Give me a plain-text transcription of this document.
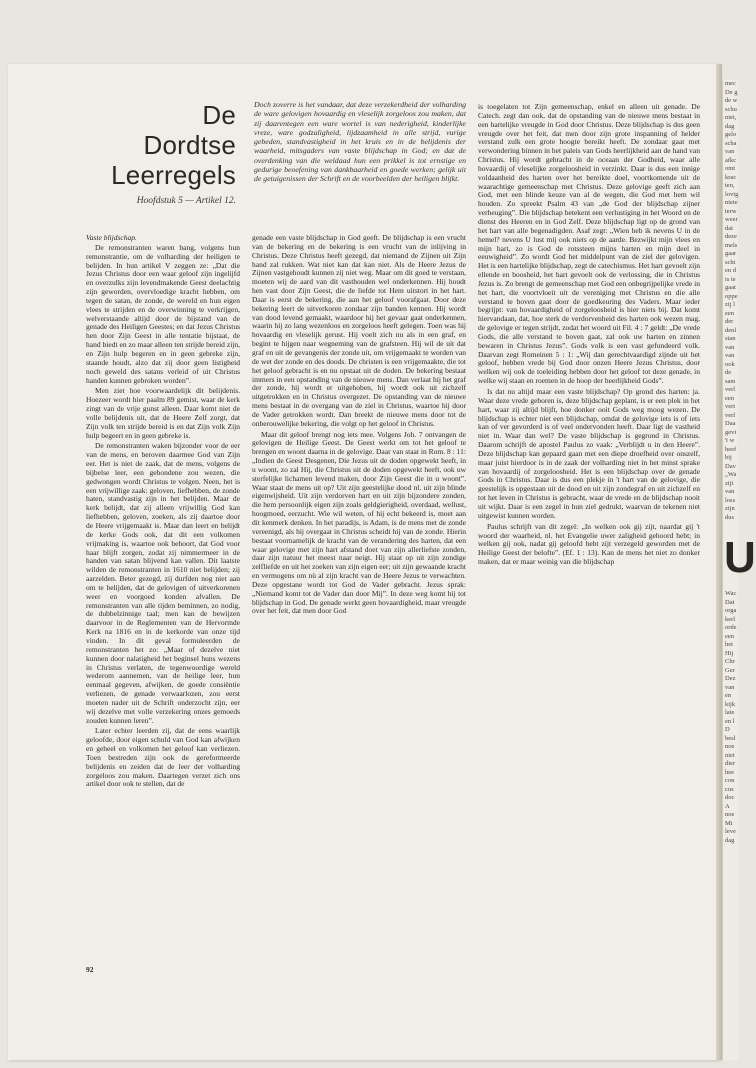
mec
De g
de w
schu
niet,
dag
gelo
scha
van
afkc
omt
krac
ten,
lovig
niete
terw
weer
dat
deze
mels
gaar
schi
en d
is te
gaat
oppe
zij l
een
der
denl
stan
van
van
ook
de
sam
verl
een
vert
verl
Daa
gevi
't w
heef
bij
Dav
„Wa
zijt
van
loss
zijn
dus
U
Wac
Dat
orga
kerl
orde
een
het
Hij
Chr
Ger
Dez
van
en
kijk
late
en l
D
besl
noe
niet
dier
hee
con
cus
doc
A
noe
Mi
leve
dag
De
Dordtse
Leerregels
Hoofdstuk 5 — Artikel 12.
Doch zoverre is het vandaar, dat deze verzekerdheid der volharding de ware gelovigen hovaardig en vleselijk zorgeloos zou maken, dat zij daarentegen een ware wortel is van nederigheid, kinderlijke vreze, ware godzaligheid, lijdzaamheid in alle strijd, vurige gebeden, standvastigheid in het kruis en in de belijdenis der waarheid, mitsgaders van vaste blijdschap in God; en dat de overdenking van die weldaad hun een prikkel is tot ernstige en gedurige beoefening van dankbaarheid en goede werken; gelijk uit de getuigenissen der Schrift en de voorbeelden der heiligen blijkt.

Vaste blijdschap.

De remonstranten waren bang, volgens hun remonstrantie, om de volharding der heiligen te belijden. In hun artikel V zeggen ze: „Dat die Jezus Christus door een waar geloof zijn ingelijfd en overzulks zijn levendmakende Geest deelachtig zijn geworden, overvloedige kracht hebben, om tegen de satan, de zonde, de wereld en hun eigen vlees te strijden en de overwinning te verkrijgen, welverstaande altijd door de bijstand van de genade des Heiligen Geestes; en dat Jezus Christus hen door Zijn Geest in alle tentatie bijstaat, de hand biedt en zo maar alleen ten strijde bereid zijn, en Zijn hulp begeren en in geen gebreke zijn, staande houdt, alzo dat zij door geen listigheid noch geweld des satans verleid of uit Christus handen kunnen gebroken worden”.

Men ziet hoe voorwaardelijk dit belijdenis. Hoezeer wordt hier paalm 89 gemist, waar de kerk zingt van de vrije gunst alleen. Daar komt niet de volle belijdenis uit, dat de Heere Zelf zorgt, dat Zijn volk ten strijde bereid is en dat Zijn volk Zijn hulp begeert en in geen gebreke is.

De remonstranten waken bijzonder voor de eer van de mens, en beroven daarmee God van Zijn eer. Het is niet de zaak, dat de mens, volgens de bijbelse leer, een gebondene zou wezen, die gedwongen wordt Christus te volgen. Neen, het is een vrijwillige zaak: geloven, liefhebben, de zonde haten, standvastig zijn in het belijden. Maar de kerk belijdt, dat zij alleen vrijwillig God kan liefhebben, geloven, zoeken, als zij daartoe door de Heere vrijgemaakt is. Maar dan leert en belijdt de kerke Gods ook, dat dit een volkomen vrijmaking is, waartoe ook behoort, dat God voor haar blijft zorgen, zodat zij nimmermeer in de handen van satan blijvend kan vallen. Dit laatste wilden de remonstranten in 1610 niet belijden; zij aarzelden. Beter gezegd, zij durfden nog niet aan om te belijden, dat de gelovigen of uitverkorenen weer en voorgoed konden afvallen. De remonstranten van alle tijden beminnen, zo nodig, de dubbelzinnige taal; men kan de bewijzen daarvoor in de Reglementen van de Hervormde Kerk na 1816 en in de kerkorde van onze tijd vinden. In dit geval formuleerden de remonstranten het zo: „Maar of dezelve niet kunnen door nalatigheid het beginsel huns wezens in Christus verlaten, de tegenwoordige wereld wederom aannemen, van de heilige leer, hun eenmaal gegeven, afwijken, de goede consiëntie verliezen, de genade verwaarlozen, zou eerst moeten nader uit de Schrift onderzocht zijn, eer wij dezelve met volle verzekering onzes gemoeds zouden kunnen leren”.

Later echter leerden zij, dat de eens waarlijk geloofde, door eigen schuld van God kan afwijken en geheel en volkomen het geloof kan verliezen. Toen bestreden zijn ook de gereformeerde belijdenis en zeiden dat de leer der volharding zorgeloos zou maken. Daartegen verzet zich ons artikel door ook te stellen, dat de

genade een vaste blijdschap in God geeft. De blijdschap is een vrucht van de bekering en de bekering is een vrucht van de inlijving in Christus. Deze Christus heeft gezegd, dat niemand de Zijnen uit Zijn hand zal rukken. Wat niet kan dat kan niet. Als de Heere Jezus de Zijnen vastgehoudt kunnen zij niet weg. Maar om dit goed te verstaan, moeten wij de aard van dit vasthouden wel onderkennen. Hij houdt hen vast door Zijn Geest, die de liefde tot Hem uitstort in het hart. Daar is eerst de bekering, die aan het geloof voorafgaat. Door deze bekering leert de uitverkoren zondaar zijn banden kennen. Hij wordt van dood levend gemaakt, waardoor hij het gevaar gaat onderkennen, waarin hij zo lang wezenloos en zorgeloos heeft gelegen. Toen was hij hovaardig en vleselijk gerust. Hij voelt zich nu als in een graf, en begint te hijgen naar wegneming van de grafsteen. Hij wil de uit dat graf en uit de gevangenis der zonde uit, om vrijgemaakt te worden van de wet der zonde en des doods. De christen is een vrijgemaakte, die tot het geloof gebracht is en nu opstaat uit de doden. De bekering bestaat immers in een opstanding van de nieuwe mens. Dan verlaat hij het graf der zonde, hij wordt er uitgehoben, hij wordt ook uit zichzelf uitgetrokken en in Christus overgezet. De opstanding van de nieuwe mens bestaat in de overgang van de ziel in Christus, waartoe hij door de Vader getrokken wordt. Dan breekt de nieuwe mens door tot de onberouwelijke bekering, die volgt op het geloof in Christus.

Maar dit geloof brengt nog iets mee. Volgens Joh. 7 ontvangen de gelovigen de Heilige Geest. De Geest werkt om tot het geloof te brengen en woont daarna in de gelovige. Daar van staat in Rom. 8 : 11: „Indien de Geest Desgenen, Die Jezus uit de doden opgewekt heeft, in u woont, zo zal Hij, die Christus uit de doden opgewekt heeft, ook uw sterfelijke lichamen levend maken, door Zijn Geest die in u woont”. Waar staat de mens uit op? Uit zijn geestelijke dood nl. uit zijn blinde eigenwijsheid. Uit zijn verdorven hart en uit zijn bijzondere zonden, die hem persoonlijk eigen zijn zoals geldgierigheid, overdaad, wellust, hoogmoed, eerzucht. Wie wil weten, of hij echt bekeerd is, moet aan dit kenmerk denken. In het paradijs, is Adam, is de mens met de zonde vereenigd, als hij overgaat in Christus scheidt hij van de zonde. Hierin bestaat voornamelijk de kracht van de verandering des harten, dat een waar gelovige met zijn hart afstand doet van zijn allerliefste zonden, daar zijn natuur het meest naar neigt. Hij staat op uit zijn zondige zelfliefde en uit het zoeken van zijn eigen eer; uit zijn gewaande kracht en vermogens om nù al zijn kracht van de Heere Jezus te verwachten. Deze opgestane wordt tot God de Vader gebracht. Jezus sprak: „Niemand komt tot de Vader dan door Mij”. In deze weg komt hij tot blijdschap in God. De genade werkt geen hovaardigheid, maar vreugde over het feit, dat men door God

is toegelaten tot Zijn gemeenschap, enkel en alleen uit genade. De Catech. zegt dan ook, dat de opstanding van de nieuwe mens bestaat in een hartelijke vreugde in God door Christus. Deze blijdschap is dus geen vreugde over het feit, dat men door zijn grote inspanning of helder verstand zulk een grote hoogte bereikt heeft. De zondaar gaat met verwondering binnen in het paleis van Gods heerlijkheid aan de hand van Christus. Hij wordt gebracht in de oceaan der Godheid, waar alle hovaardij of vleselijke zorgeloosheid in verzinkt. Daar is dus een innige voldaanheid des harten over het bereikte doel, voortkomende uit de waarachtige gemeenschap met Christus. Deze gelovige geeft zich aan God, met een blinde keuze van al de wegen, die God met hem wil houden. Zo spreekt Psalm 43 van „de God der blijdschap zijner verheuging”. Die blijdschap betekent een verlustiging in het Woord en de dienst des Heeren en in God Zelf. Deze blijdschap ligt op de grond van het hart van alle begenadigden. Asaf zegt: „Wien heb ik nevens U in de hemel? nevens U lust mij ook niets op de aarde. Bezwijkt mijn vlees en mijn hart, zo is God de rotssteen mijns harten en mijn deel in eeuwigheid”. Zo wordt God het middelpunt van de ziel der gelovigen. Het is een hartelijke blijdschap, zegt de catechismus. Het hart gevoelt zijn ellende en boosheid, het hart gevoelt ook de verlossing, die in Christus Jezus is. Zo brengt de gemeenschap met God een onbegrijpelijke vrede in het hart, die voortvloeit uit de vereniging met Christus en die alle verstand te boven gaat door de goedkeuring des Vaders. Maar ieder begrijpt: van hovaardigheid of zorgeloosheid is hier niets bij. Dat komt hiervandaan, dat, hoe sterk de verdorvenheid des harten ook wezen mag, de gelovige er tegen strijdt, zodat het woord uit Fil. 4 : 7 geldt: „De vrede Gods, die alle verstand te boven gaat, zal ook uw harten en zinnen bewaren in Christus Jezus”. Gods volk is een vast gefundeerd volk. Daarvan zegt Romeinen 5 : 1: „Wij dan gerechtvaardigd zijnde uit het geloof, hebben vrede bij God door onzen Heere Jezus Christus, door welken wij ook de toeleiding hebben door het geloof tot deze genade, in welke wij staan en roemen in de hoop der heerlijkheid Gods”.

Is dat nu altijd maar een vaste blijdschap? Op grond des harten: ja. Waar deze vrede geboren is, deze blijdschap geplant, is er een plek in het hart, waar zij altijd blijft, hoe donker ooit Gods weg moog wezen. De blijdschap is echter niet een blijdschap, omdat de gelovige iets is of iets kan of ver gevorderd is of veel ondervonden heeft. Daar ligt de vastheid niet in. Waar dan wel? De vaste blijdschap is gegrond in Christus. Daarom schrijft de apostel Paulus zo vaak: „Verblijdt u in den Heere”. Deze blijdschap kan gepaard gaan met een diepe droefheid over onszelf, maar juist hierdoor is in de zaak der volharding niet in het minst sprake van hovaardij of zorgeloosheid. Het is een blijdschap over de genade Gods in Christus. Daar is dus een plekje in 't hart van de gelovige, die geestelijk is opgestaan uit de dood en uit zijn zondegraf en uit zichzelf en tot het leven in Christus is gebracht, waar de vrede en de blijdschap nooit uit wijkt. Daar is een zegel in hun ziel gedrukt, waarvan de tekenen niet uitgewist kunnen worden.

Paulus schrijft van dit zegel: „In welken ook gij zijt, naardat gij 't woord der waarheid, nl. het Evangelie uwer zaligheid gehoord hebt; in welken gij ook, nadat gij geloofd hebt zijt verzegeld geworden met de Heilige Geest der belofte”. (Ef. 1 : 13). Kan de mens het niet zo donker maken, dat er maar weinig van die blijdschap

92
